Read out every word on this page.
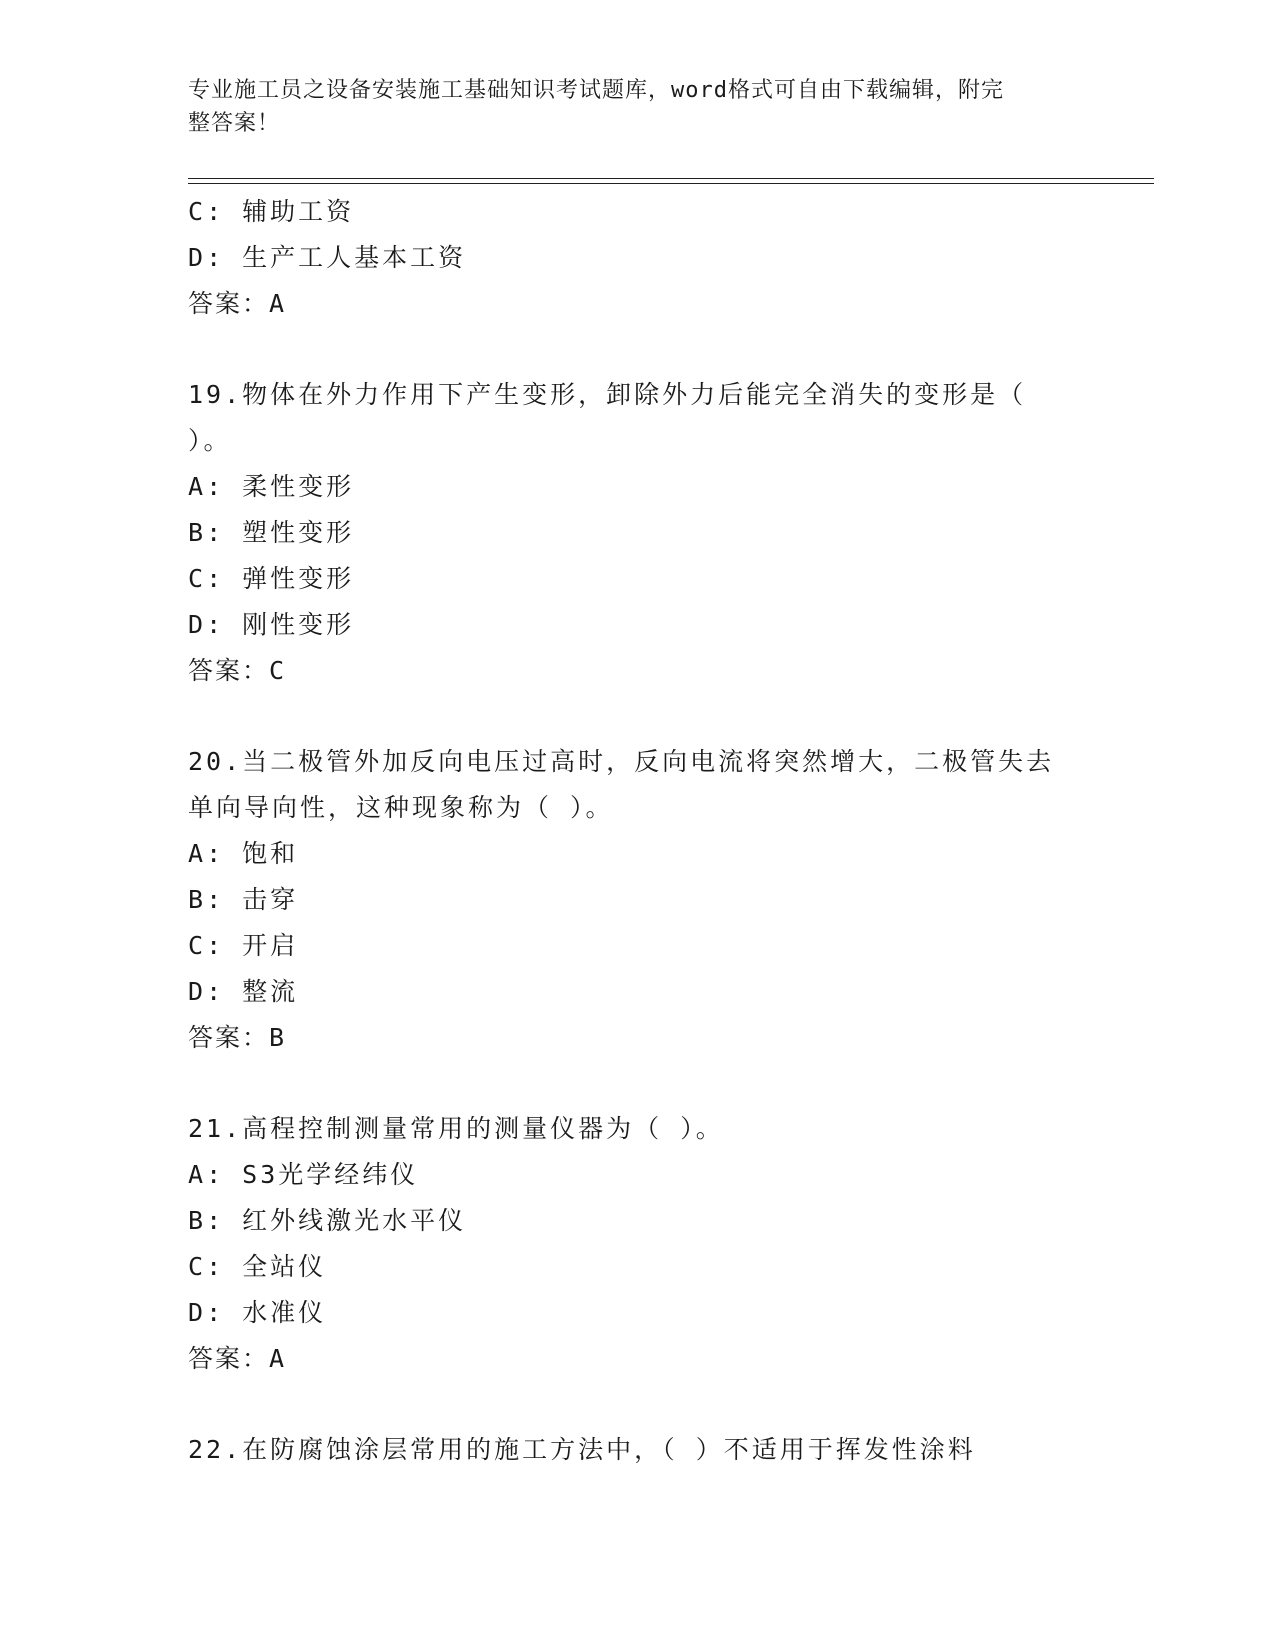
专业施工员之设备安装施工基础知识考试题库，word格式可自由下载编辑，附完
整答案！
C: 辅助工资
D: 生产工人基本工资
答案：A
19.物体在外力作用下产生变形，卸除外力后能完全消失的变形是（
）。
A: 柔性变形
B: 塑性变形
C: 弹性变形
D: 刚性变形
答案：C
20.当二极管外加反向电压过高时，反向电流将突然增大，二极管失去
单向导向性，这种现象称为（ ）。
A: 饱和
B: 击穿
C: 开启
D: 整流
答案：B
21.高程控制测量常用的测量仪器为（ ）。
A: S3光学经纬仪
B: 红外线激光水平仪
C: 全站仪
D: 水准仪
答案：A
22.在防腐蚀涂层常用的施工方法中，（ ）不适用于挥发性涂料
